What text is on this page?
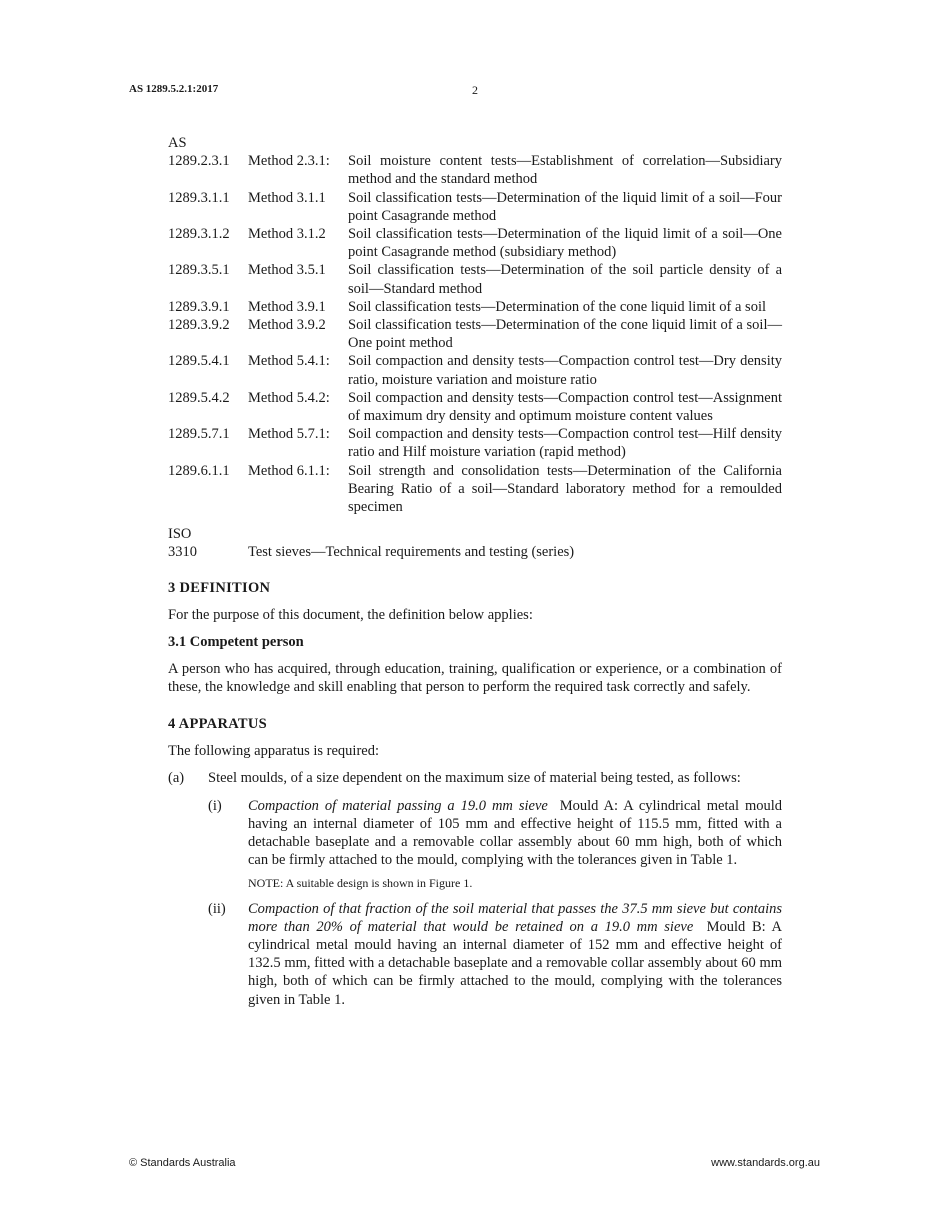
AS 1289.5.2.1:2017	2
AS
1289.2.3.1	Method 2.3.1:	Soil moisture content tests—Establishment of correlation—Subsidiary method and the standard method
1289.3.1.1	Method 3.1.1	Soil classification tests—Determination of the liquid limit of a soil—Four point Casagrande method
1289.3.1.2	Method 3.1.2	Soil classification tests—Determination of the liquid limit of a soil—One point Casagrande method (subsidiary method)
1289.3.5.1	Method 3.5.1	Soil classification tests—Determination of the soil particle density of a soil—Standard method
1289.3.9.1	Method 3.9.1	Soil classification tests—Determination of the cone liquid limit of a soil
1289.3.9.2	Method 3.9.2	Soil classification tests—Determination of the cone liquid limit of a soil—One point method
1289.5.4.1	Method 5.4.1:	Soil compaction and density tests—Compaction control test—Dry density ratio, moisture variation and moisture ratio
1289.5.4.2	Method 5.4.2:	Soil compaction and density tests—Compaction control test—Assignment of maximum dry density and optimum moisture content values
1289.5.7.1	Method 5.7.1:	Soil compaction and density tests—Compaction control test—Hilf density ratio and Hilf moisture variation (rapid method)
1289.6.1.1	Method 6.1.1:	Soil strength and consolidation tests—Determination of the California Bearing Ratio of a soil—Standard laboratory method for a remoulded specimen
ISO
3310	Test sieves—Technical requirements and testing (series)
3 DEFINITION

For the purpose of this document, the definition below applies:

3.1 Competent person

A person who has acquired, through education, training, qualification or experience, or a combination of these, the knowledge and skill enabling that person to perform the required task correctly and safely.

4 APPARATUS

The following apparatus is required:

(a)	Steel moulds, of a size dependent on the maximum size of material being tested, as follows:
(i)	Compaction of material passing a 19.0 mm sieve Mould A: A cylindrical metal mould having an internal diameter of 105 mm and effective height of 115.5 mm, fitted with a detachable baseplate and a removable collar assembly about 60 mm high, both of which can be firmly attached to the mould, complying with the tolerances given in Table 1.
NOTE: A suitable design is shown in Figure 1.
(ii)	Compaction of that fraction of the soil material that passes the 37.5 mm sieve but contains more than 20% of material that would be retained on a 19.0 mm sieve Mould B: A cylindrical metal mould having an internal diameter of 152 mm and effective height of 132.5 mm, fitted with a detachable baseplate and a removable collar assembly about 60 mm high, both of which can be firmly attached to the mould, complying with the tolerances given in Table 1.
© Standards Australia	www.standards.org.au
